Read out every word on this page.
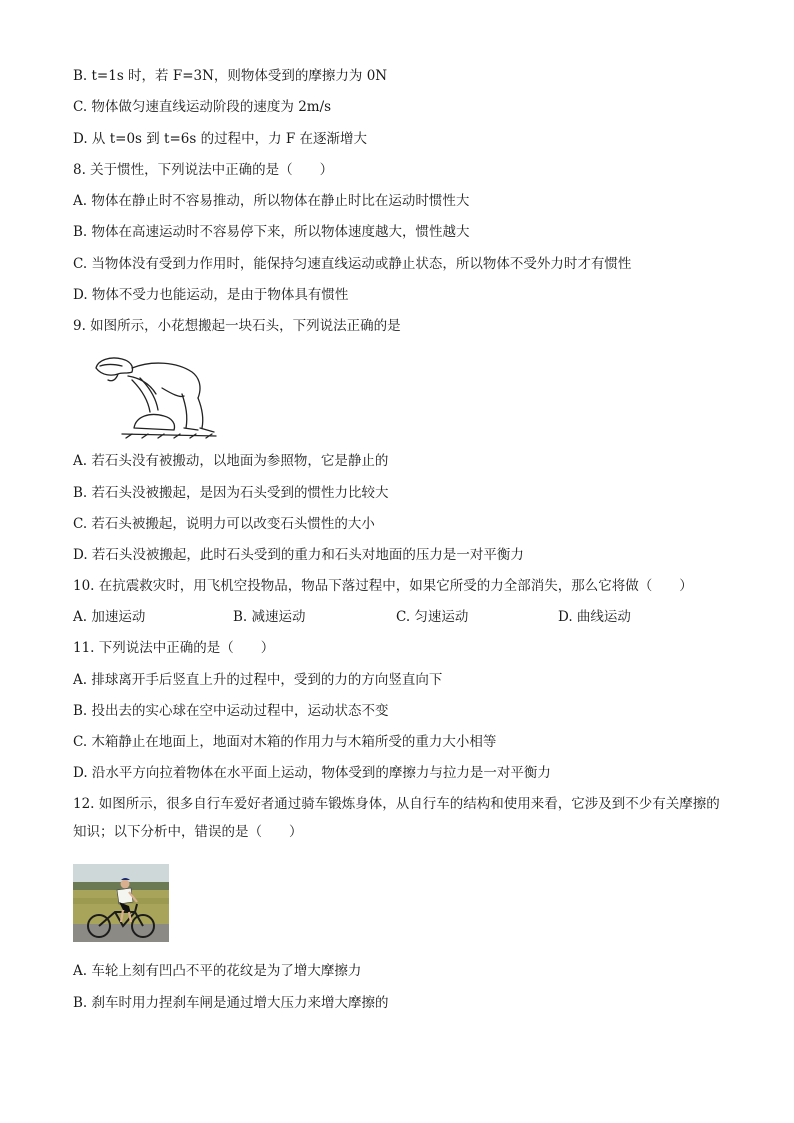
B. t=1s 时，若 F=3N，则物体受到的摩擦力为 0N
C. 物体做匀速直线运动阶段的速度为 2m/s
D. 从 t=0s 到 t=6s 的过程中，力 F 在逐渐增大
8. 关于惯性，下列说法中正确的是（　　）
A. 物体在静止时不容易推动，所以物体在静止时比在运动时惯性大
B. 物体在高速运动时不容易停下来，所以物体速度越大，惯性越大
C. 当物体没有受到力作用时，能保持匀速直线运动或静止状态，所以物体不受外力时才有惯性
D. 物体不受力也能运动，是由于物体具有惯性
9. 如图所示，小花想搬起一块石头，下列说法正确的是
A. 若石头没有被搬动，以地面为参照物，它是静止的
B. 若石头没被搬起，是因为石头受到的惯性力比较大
C. 若石头被搬起，说明力可以改变石头惯性的大小
D. 若石头没被搬起，此时石头受到的重力和石头对地面的压力是一对平衡力
10. 在抗震救灾时，用飞机空投物品，物品下落过程中，如果它所受的力全部消失，那么它将做（　　）
A. 加速运动	B. 减速运动	C. 匀速运动	D. 曲线运动
11. 下列说法中正确的是（　　）
A. 排球离开手后竖直上升的过程中，受到的力的方向竖直向下
B. 投出去的实心球在空中运动过程中，运动状态不变
C. 木箱静止在地面上，地面对木箱的作用力与木箱所受的重力大小相等
D. 沿水平方向拉着物体在水平面上运动，物体受到的摩擦力与拉力是一对平衡力
12. 如图所示，很多自行车爱好者通过骑车锻炼身体，从自行车的结构和使用来看，它涉及到不少有关摩擦的知识；以下分析中，错误的是（　　）
A. 车轮上刻有凹凸不平的花纹是为了增大摩擦力
B. 刹车时用力捏刹车闸是通过增大压力来增大摩擦的
